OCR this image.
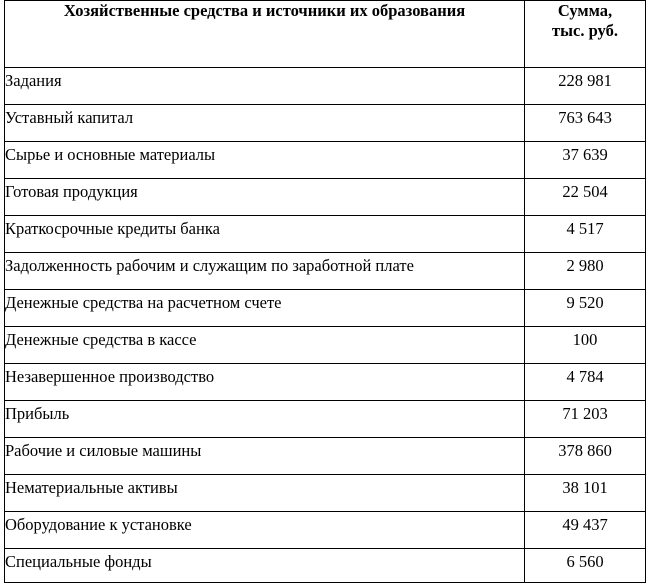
Хозяйственные средства и источники их образования	Сумма,
тыс. руб.
Задания	228 981
Уставный капитал	763 643
Сырье и основные материалы	37 639
Готовая продукция	22 504
Краткосрочные кредиты банка	4 517
Задолженность рабочим и служащим по заработной плате	2 980
Денежные средства на расчетном счете	9 520
Денежные средства в кассе	100
Незавершенное производство	4 784
Прибыль	71 203
Рабочие и силовые машины	378 860
Нематериальные активы	38 101
Оборудование к установке	49 437
Специальные фонды	6 560
